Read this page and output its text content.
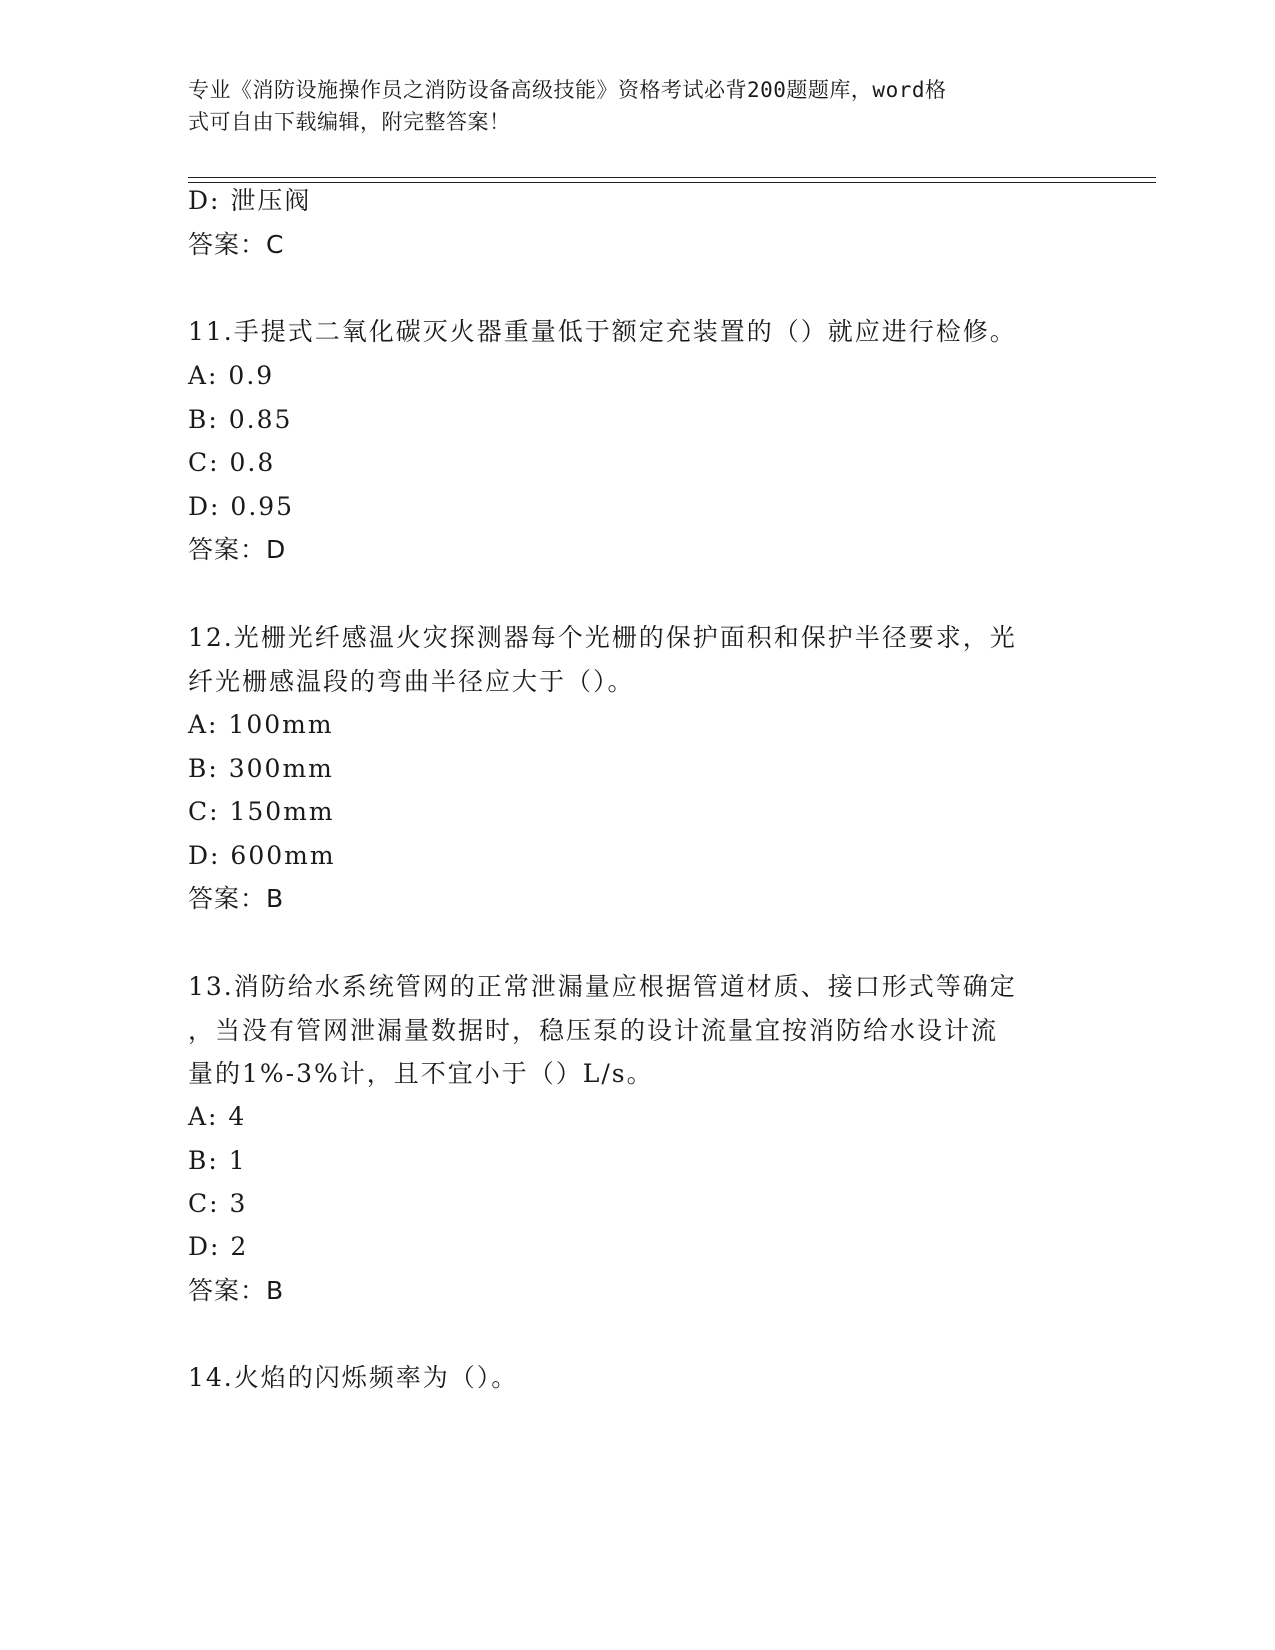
专业《消防设施操作员之消防设备高级技能》资格考试必背200题题库，word格
式可自由下载编辑，附完整答案！
D: 泄压阀
答案：C
11.手提式二氧化碳灭火器重量低于额定充装置的（）就应进行检修。
A: 0.9
B: 0.85
C: 0.8
D: 0.95
答案：D
12.光栅光纤感温火灾探测器每个光栅的保护面积和保护半径要求，光
纤光栅感温段的弯曲半径应大于（）。
A: 100mm
B: 300mm
C: 150mm
D: 600mm
答案：B
13.消防给水系统管网的正常泄漏量应根据管道材质、接口形式等确定
，当没有管网泄漏量数据时，稳压泵的设计流量宜按消防给水设计流
量的1%-3%计，且不宜小于（）L/s。
A: 4
B: 1
C: 3
D: 2
答案：B
14.火焰的闪烁频率为（）。
